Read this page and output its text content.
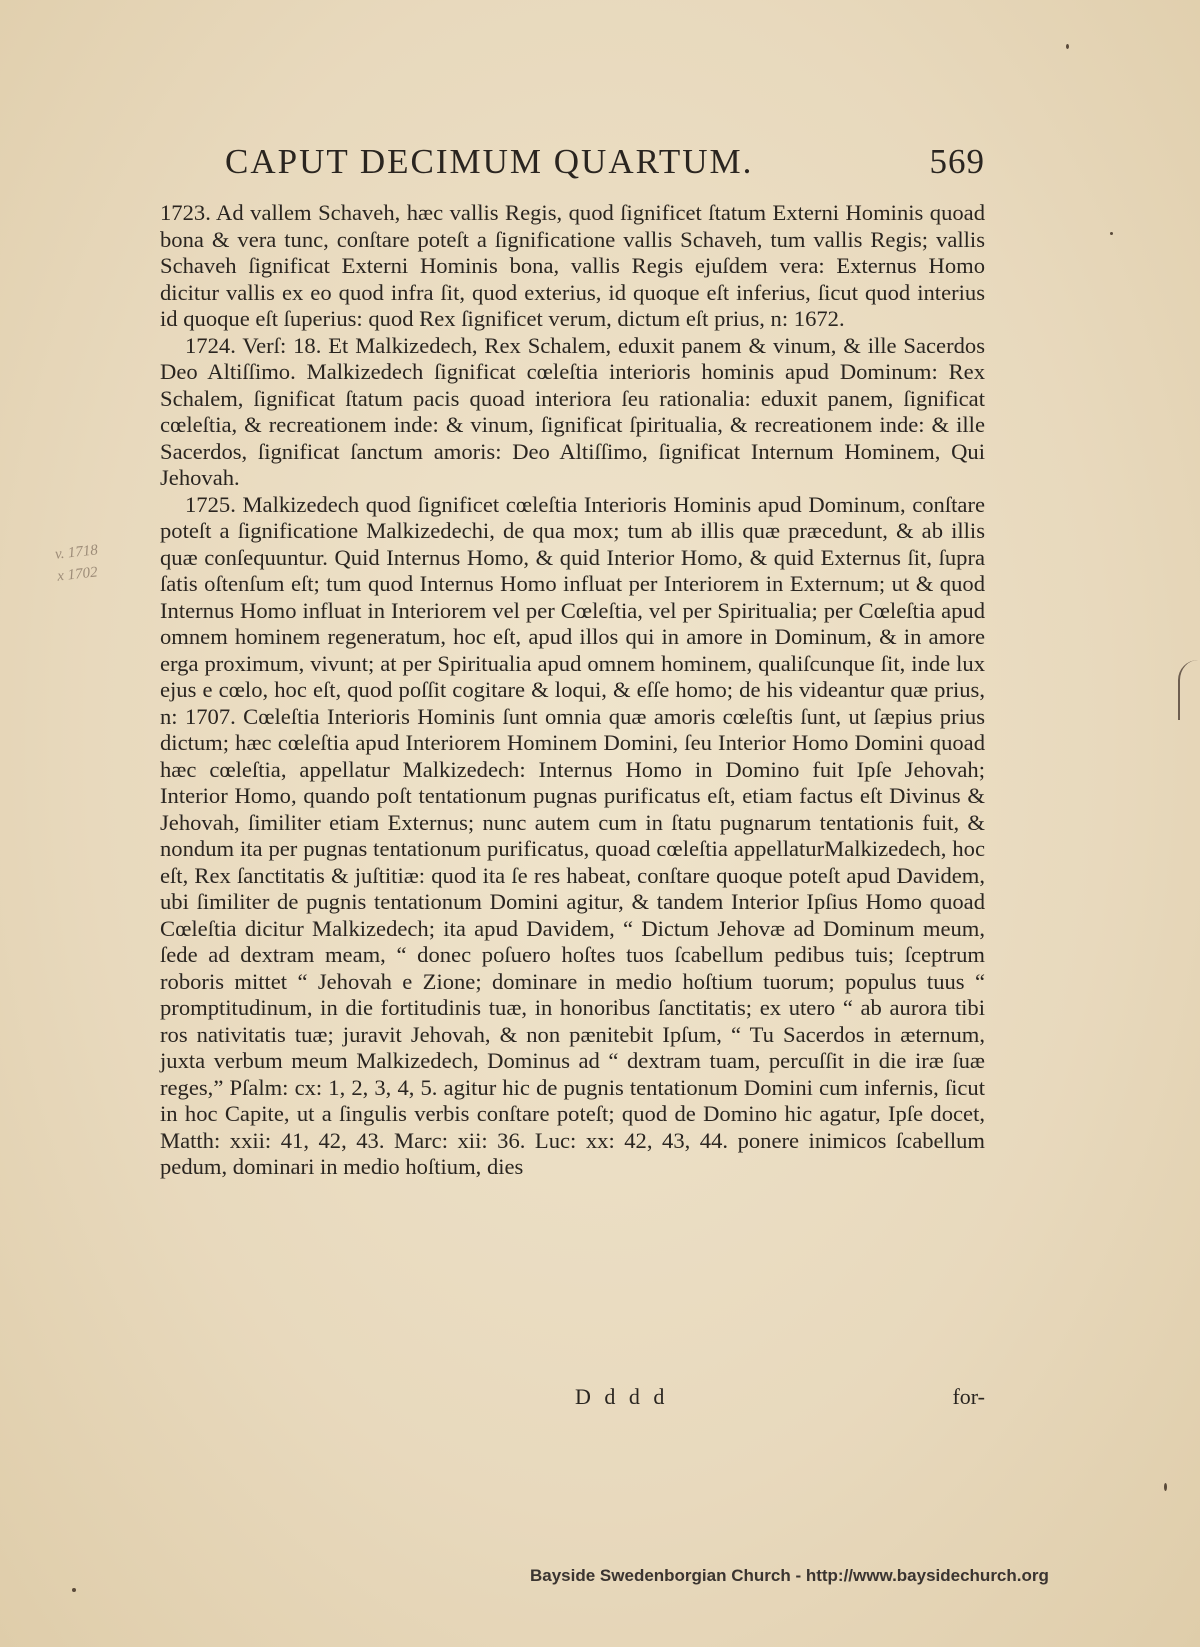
CAPUT DECIMUM QUARTUM.	569
v. 1718
x 1702

1723. Ad vallem Schaveh, hæc vallis Regis, quod ſignificet ſtatum Externi Hominis quoad bona & vera tunc, conſtare poteſt a ſignificatione vallis Schaveh, tum vallis Regis; vallis Schaveh ſignificat Externi Hominis bona, vallis Regis ejuſdem vera: Externus Homo dicitur vallis ex eo quod infra ſit, quod exterius, id quoque eſt inferius, ſicut quod interius id quoque eſt ſuperius: quod Rex ſignificet verum, dictum eſt prius, n: 1672.

1724. Verſ: 18. Et Malkizedech, Rex Schalem, eduxit panem & vinum, & ille Sacerdos Deo Altiſſimo. Malkizedech ſignificat cœleſtia interioris hominis apud Dominum: Rex Schalem, ſignificat ſtatum pacis quoad interiora ſeu rationalia: eduxit panem, ſignificat cœleſtia, & recreationem inde: & vinum, ſignificat ſpiritualia, & recreationem inde: & ille Sacerdos, ſignificat ſanctum amoris: Deo Altiſſimo, ſignificat Internum Hominem, Qui Jehovah.

1725. Malkizedech quod ſignificet cœleſtia Interioris Hominis apud Dominum, conſtare poteſt a ſignificatione Malkizedechi, de qua mox; tum ab illis quæ præcedunt, & ab illis quæ conſequuntur. Quid Internus Homo, & quid Interior Homo, & quid Externus ſit, ſupra ſatis oſtenſum eſt; tum quod Internus Homo influat per Interiorem in Externum; ut & quod Internus Homo influat in Interiorem vel per Cœleſtia, vel per Spiritualia; per Cœleſtia apud omnem hominem regeneratum, hoc eſt, apud illos qui in amore in Dominum, & in amore erga proximum, vivunt; at per Spiritualia apud omnem hominem, qualiſcunque ſit, inde lux ejus e cœlo, hoc eſt, quod poſſit cogitare & loqui, & eſſe homo; de his videantur quæ prius, n: 1707. Cœleſtia Interioris Hominis ſunt omnia quæ amoris cœleſtis ſunt, ut ſæpius prius dictum; hæc cœleſtia apud Interiorem Hominem Domini, ſeu Interior Homo Domini quoad hæc cœleſtia, appellatur Malkizedech: Internus Homo in Domino fuit Ipſe Jehovah; Interior Homo, quando poſt tentationum pugnas purificatus eſt, etiam factus eſt Divinus & Jehovah, ſimiliter etiam Externus; nunc autem cum in ſtatu pugnarum tentationis fuit, & nondum ita per pugnas tentationum purificatus, quoad cœleſtia appellaturMalkizedech, hoc eſt, Rex ſanctitatis & juſtitiæ: quod ita ſe res habeat, conſtare quoque poteſt apud Davidem, ubi ſimiliter de pugnis tentationum Domini agitur, & tandem Interior Ipſius Homo quoad Cœleſtia dicitur Malkizedech; ita apud Davidem, “ Dictum Jehovæ ad Dominum meum, ſede ad dextram meam, “ donec poſuero hoſtes tuos ſcabellum pedibus tuis; ſceptrum roboris mittet “ Jehovah e Zione; dominare in medio hoſtium tuorum; populus tuus “ promptitudinum, in die fortitudinis tuæ, in honoribus ſanctitatis; ex utero “ ab aurora tibi ros nativitatis tuæ; juravit Jehovah, & non pænitebit Ipſum, “ Tu Sacerdos in æternum, juxta verbum meum Malkizedech, Dominus ad “ dextram tuam, percuſſit in die iræ ſuæ reges,” Pſalm: cx: 1, 2, 3, 4, 5. agitur hic de pugnis tentationum Domini cum infernis, ſicut in hoc Capite, ut a ſingulis verbis conſtare poteſt; quod de Domino hic agatur, Ipſe docet, Matth: xxii: 41, 42, 43. Marc: xii: 36. Luc: xx: 42, 43, 44. ponere inimicos ſcabellum pedum, dominari in medio hoſtium, dies

D d d d	for-
Bayside Swedenborgian Church - http://www.baysidechurch.org
